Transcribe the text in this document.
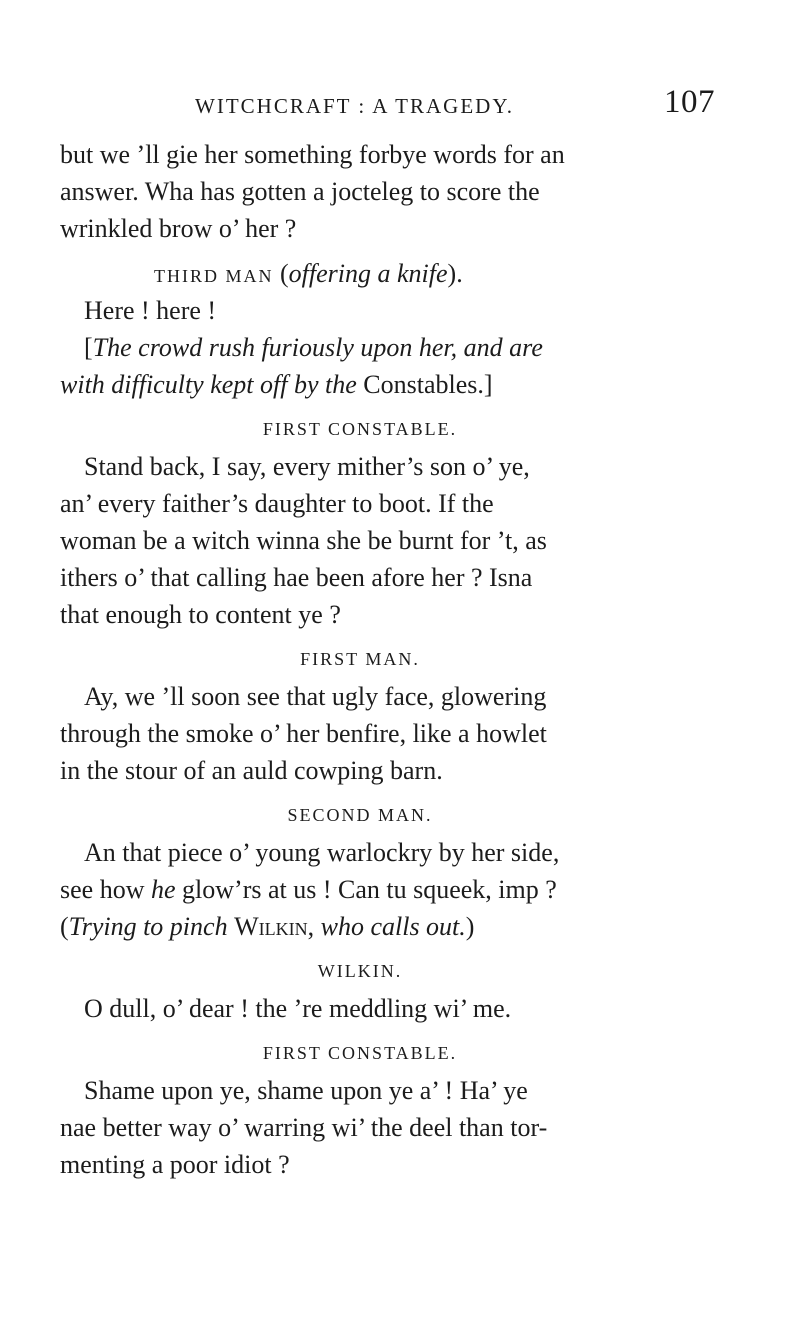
WITCHCRAFT : A TRAGEDY.	107
but we ’ll gie her something forbye words for an
answer. Wha has gotten a jocteleg to score the
wrinkled brow o’ her ?
THIRD MAN (offering a knife).
Here ! here !
[The crowd rush furiously upon her, and are
with difficulty kept off by the Constables.]
FIRST CONSTABLE.
Stand back, I say, every mither’s son o’ ye,
an’ every faither’s daughter to boot. If the
woman be a witch winna she be burnt for ’t, as
ithers o’ that calling hae been afore her ? Isna
that enough to content ye ?
FIRST MAN.
Ay, we ’ll soon see that ugly face, glowering
through the smoke o’ her benfire, like a howlet
in the stour of an auld cowping barn.
SECOND MAN.
An that piece o’ young warlockry by her side,
see how he glow’rs at us ! Can tu squeek, imp ?
(Trying to pinch Wilkin, who calls out.)
WILKIN.
O dull, o’ dear ! the ’re meddling wi’ me.
FIRST CONSTABLE.
Shame upon ye, shame upon ye a’ ! Ha’ ye
nae better way o’ warring wi’ the deel than tor-
menting a poor idiot ?
